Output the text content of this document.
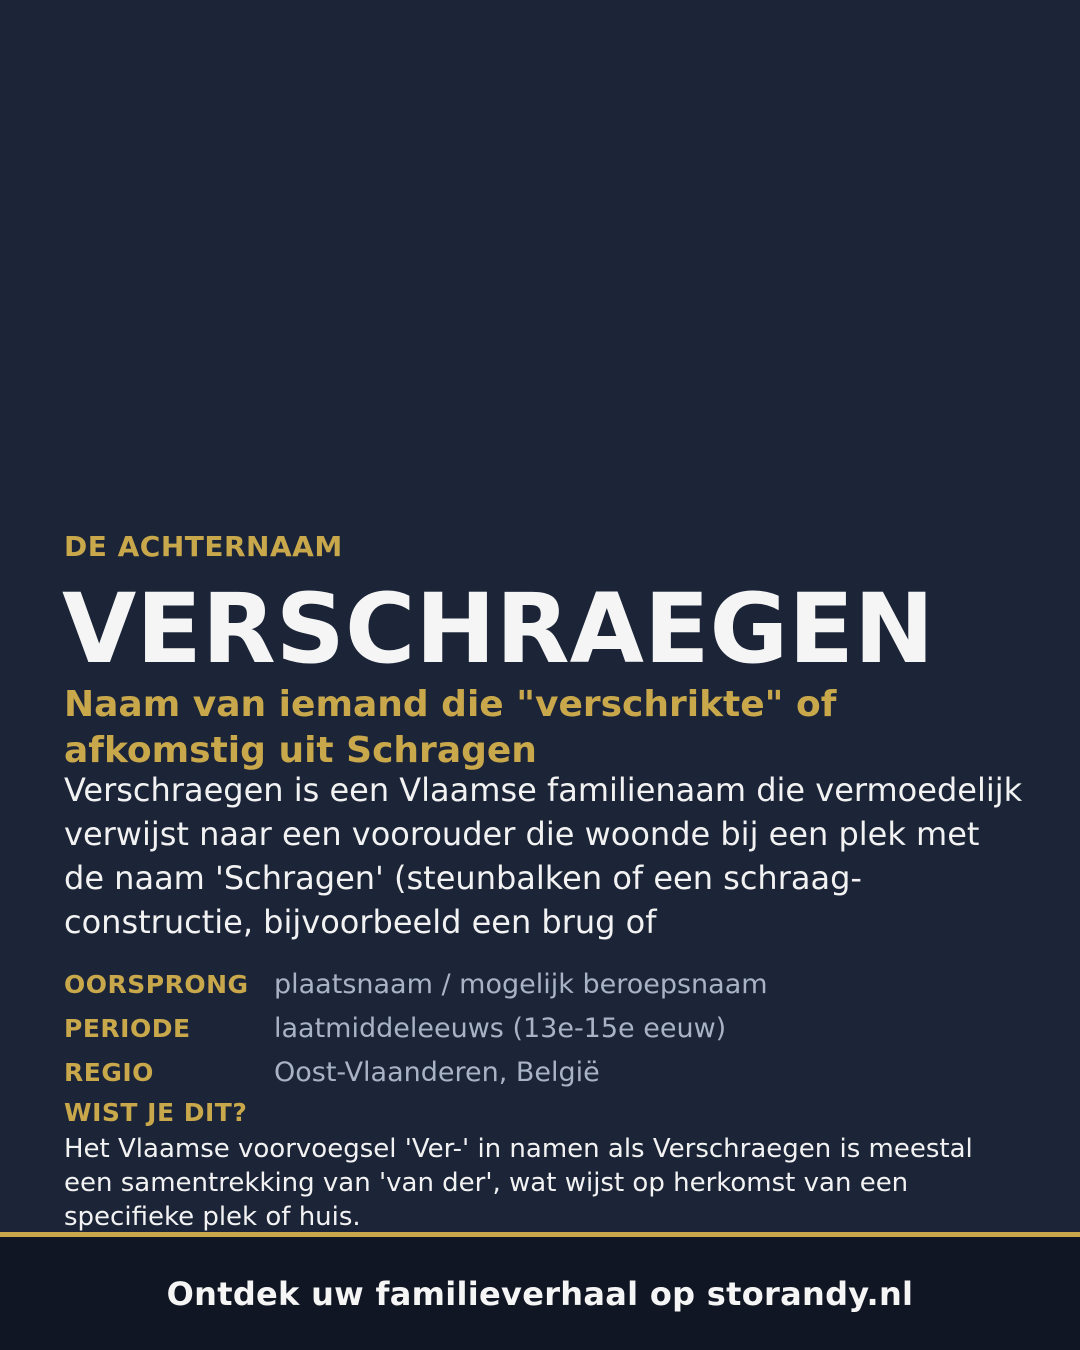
DE ACHTERNAAM
VERSCHRAEGEN
Naam van iemand die "verschrikte" of afkomstig uit Schragen
Verschraegen is een Vlaamse familienaam die vermoedelijk verwijst naar een voorouder die woonde bij een plek met de naam 'Schragen' (steunbalken of een schraag-constructie, bijvoorbeeld een brug of
OORSPRONG plaatsnaam / mogelijk beroepsnaam
PERIODE	laatmiddeleeuws (13e-15e eeuw)
REGIO	Oost-Vlaanderen, België
WIST JE DIT?
Het Vlaamse voorvoegsel 'Ver-' in namen als Verschraegen is meestal een samentrekking van 'van der', wat wijst op herkomst van een specifieke plek of huis.
Ontdek uw familieverhaal op storandy.nl
